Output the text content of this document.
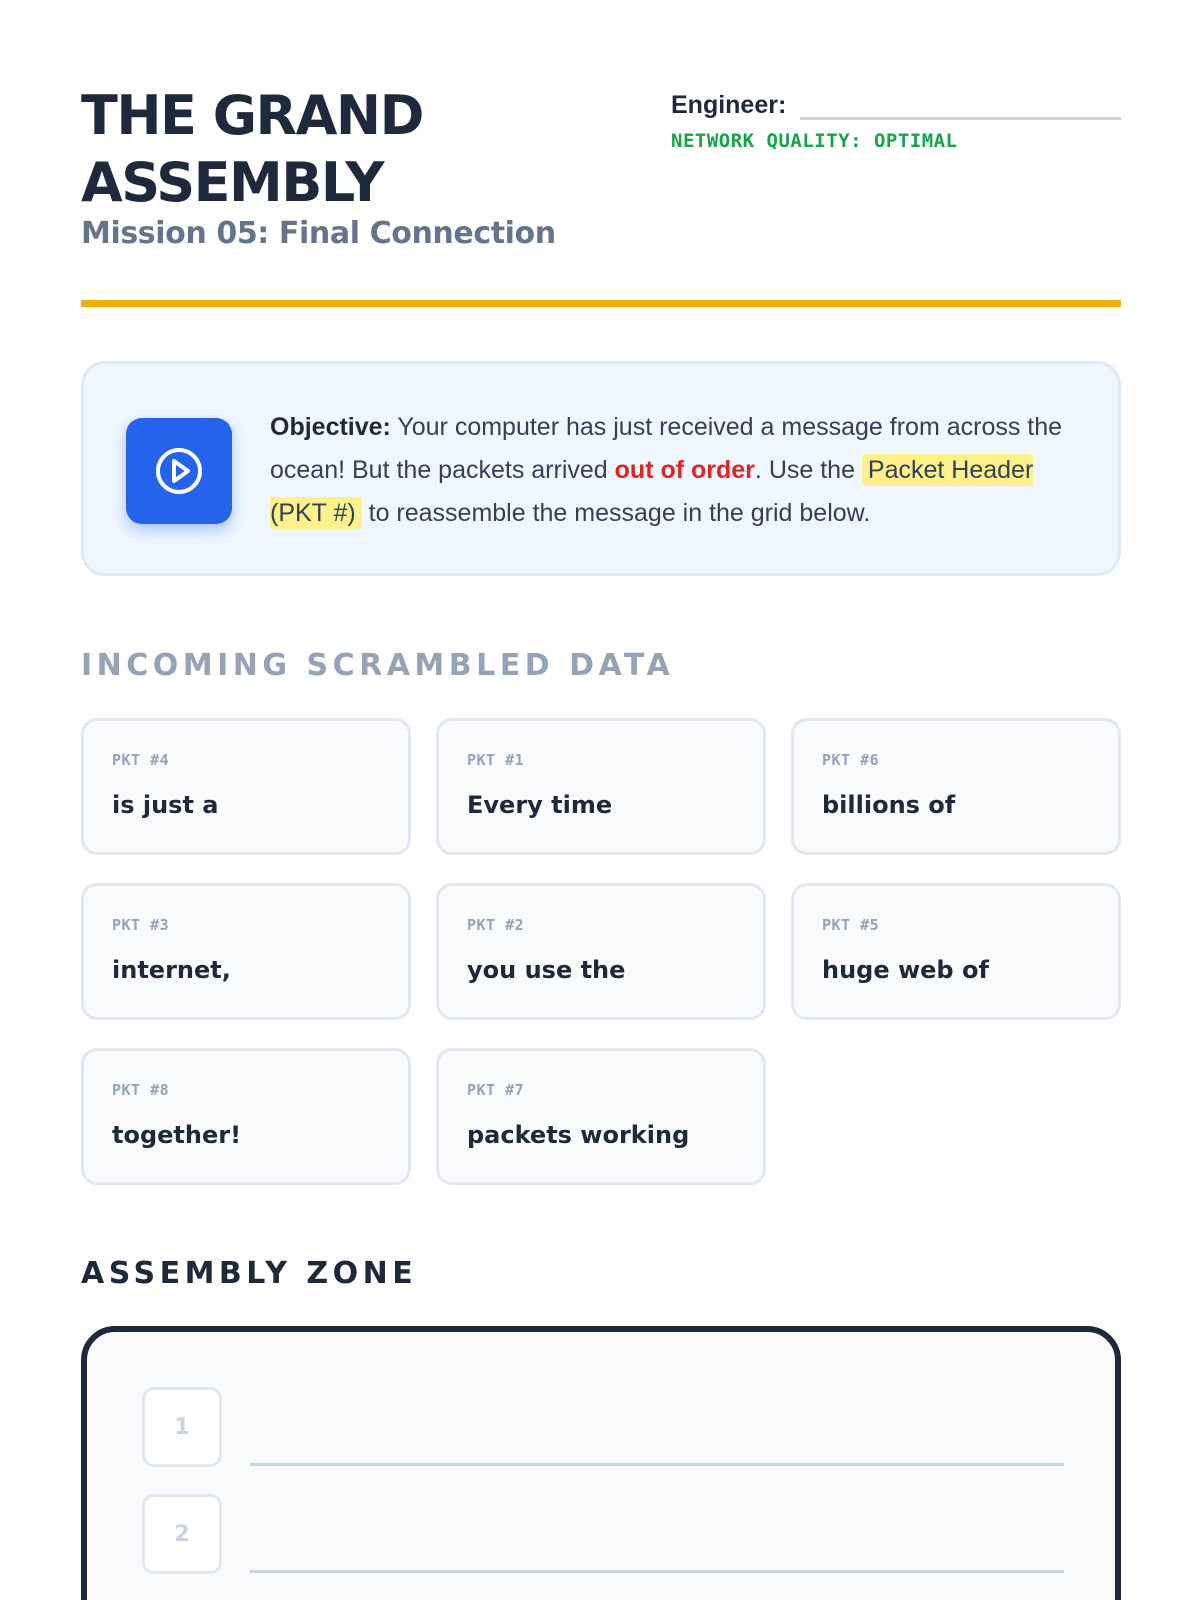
THE GRAND
ASSEMBLY
Mission 05: Final Connection
Engineer:
NETWORK QUALITY: OPTIMAL
Objective: Your computer has just received a message from across the ocean! But the packets arrived out of order. Use the Packet Header (PKT #) to reassemble the message in the grid below.
INCOMING SCRAMBLED DATA
PKT #4
is just a
PKT #1
Every time
PKT #6
billions of
PKT #3
internet,
PKT #2
you use the
PKT #5
huge web of
PKT #8
together!
PKT #7
packets working
ASSEMBLY ZONE
1
2
